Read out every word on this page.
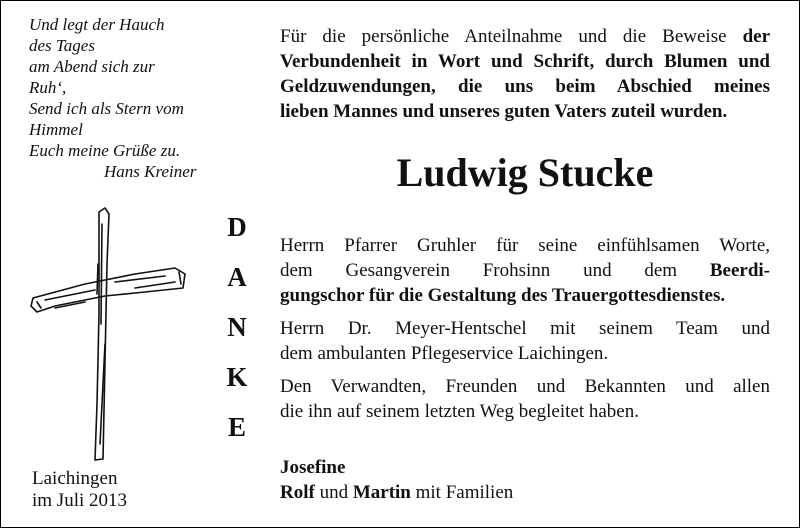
Und legt der Hauch
des Tages
am Abend sich zur
Ruh‘,
Send ich als Stern vom
Himmel
Euch meine Grüße zu.
Hans Kreiner
Für die persönliche Anteilnahme und die Beweise der
Verbundenheit in Wort und Schrift, durch Blumen und
Geldzuwendungen, die uns beim Abschied meines
lieben Mannes und unseres guten Vaters zuteil wurden.
Ludwig Stucke
D
A
N
K
E
Herrn Pfarrer Gruhler für seine einfühlsamen Worte,
dem Gesangverein Frohsinn und dem Beerdi-
gungschor für die Gestaltung des Trauergottesdienstes.
Herrn Dr. Meyer-Hentschel mit seinem Team und
dem ambulanten Pflegeservice Laichingen.
Den Verwandten, Freunden und Bekannten und allen
die ihn auf seinem letzten Weg begleitet haben.
Laichingen
im Juli 2013
Josefine
Rolf und Martin mit Familien
